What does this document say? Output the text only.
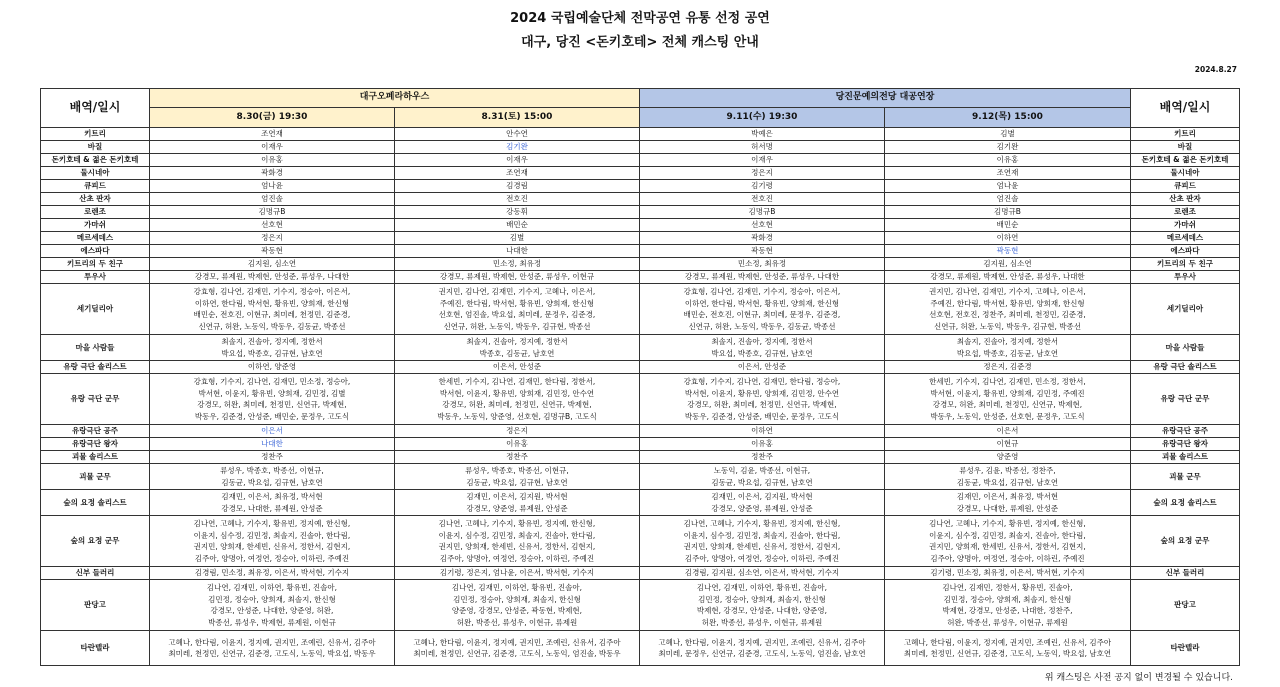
2024 국립예술단체 전막공연 유통 선정 공연
대구, 당진 <돈키호테> 전체 캐스팅 안내
2024.8.27
배역/일시	대구오페라하우스		당진문예의전당 대공연장		배역/일시
	8.30(금) 19:30	8.31(토) 15:00	9.11(수) 19:30	9.12(목) 15:00	
키트리	조연재	안수연	박예은	김별	키트리
바질	이재우	김기완	허서명	김기완	바질
돈키호테 & 젊은 돈키호테	이유홍	이재우	이재우	이유홍	돈키호테 & 젊은 돈키호테
둘시네아	곽화경	조연재	정은지	조연재	둘시네아
큐피드	엄나윤	김경림	김기령	엄나윤	큐피드
산초 판자	엄진솔	전호진	전호진	엄진솔	산초 판자
로렌조	김명규B	강동휘	김명규B	김명규B	로렌조
가마쉬	선호현	배민순	선호현	배민순	가마쉬
메르세데스	정은지	김별	곽화경	이하연	메르세데스
에스파다	곽동현	나대한	곽동현	곽동현	에스파다
키트리의 두 친구	김지원, 심소연	민소정, 최유정	민소정, 최유정	김지원, 심소연	키트리의 두 친구
투우사	강경모, 류제원, 박제현, 안성준, 류성우, 나대한	강경모, 류제원, 박제현, 안성준, 류성우, 이현규	강경모, 류제원, 박제현, 안성준, 류성우, 나대한	강경모, 류제원, 박제현, 안성준, 류성우, 나대한	투우사
세기딜리아	강효형, 김나연, 김재민, 기수지, 정승아, 이은서,
이하연, 한다림, 박서현, 황유빈, 양희재, 한신형
배민순, 전호진, 이현규, 최미레, 천정민, 김준경,
신연규, 허완, 노동익, 박동우, 김동균, 박종선	권지민, 김나연, 김재민, 기수지, 고혜나, 이은서,
주예진, 한다림, 박서현, 황유빈, 양희재, 한신형
선호현, 엄진솔, 박요섭, 최미레, 문정우, 김준경,
신연규, 허완, 노동익, 박동우, 김규현, 박종선	강효형, 김나연, 김재민, 기수지, 정승아, 이은서,
이하연, 한다림, 박서현, 황유빈, 양희재, 한신형
배민순, 전호진, 이현규, 최미레, 문정우, 김준경,
신연규, 허완, 노동익, 박동우, 김동균, 박종선	권지민, 김나연, 김재민, 기수지, 고혜나, 이은서,
주예진, 한다림, 박서현, 황유빈, 양희재, 한신형
선호현, 전호진, 정찬주, 최미레, 천정민, 김준경,
신연규, 허완, 노동익, 박동우, 김규현, 박종선	세기딜리아
마을 사람들	최솔지, 진솔아, 정지예, 정한서
박요섭, 박종호, 김규현, 남호연	최솔지, 진솔아, 정지예, 정한서
박종호, 김동균, 남호연	최솔지, 진솔아, 정지예, 정한서
박요섭, 박종호, 김규현, 남호연	최솔지, 진솔아, 정지예, 정한서
박요섭, 박종호, 김동균, 남호연	마을 사람들
유랑 극단 솔리스트	이하연, 양준영	이은서, 안성준	이은서, 안성준	정은지, 김준경	유랑 극단 솔리스트
유랑 극단 군무	강효형, 기수지, 김나연, 김재민, 민소정, 정승아,
박서현, 이윤지, 황유빈, 양희재, 김민정, 김별
강경모, 허완, 최미레, 천정민, 신연규, 박제현,
박동우, 김준경, 안성준, 배민순, 문정우, 고도식	한세빈, 기수지, 김나연, 김재민, 한다림, 정한서,
박서현, 이윤지, 황유빈, 양희재, 김민정, 안수연
강경모, 허완, 최미레, 천정민, 신연규, 박제현,
박동우, 노동익, 양준영, 선호현, 김명규B, 고도식	강효형, 기수지, 김나연, 김재민, 한다림, 정승아,
박서현, 이윤지, 황유빈, 양희재, 김민정, 안수연
강경모, 허완, 최미레, 천정민, 신연규, 박제현,
박동우, 김준경, 안성준, 배민순, 문정우, 고도식	한세빈, 기수지, 김나연, 김재민, 민소정, 정한서,
박서현, 이윤지, 황유빈, 양희재, 김민정, 주예진
강경모, 허완, 최미레, 천정민, 신연규, 박제현,
박동우, 노동익, 안성준, 선호현, 문정우, 고도식	유랑 극단 군무
유랑극단 공주	이은서	정은지	이하연	이은서	유랑극단 공주
유랑극단 왕자	나대한	이유홍	이유홍	이현규	유랑극단 왕자
괴물 솔리스트	정찬주	정찬주	정찬주	양준영	괴물 솔리스트
괴물 군무	류성우, 박종호, 박종선, 이현규,
김동균, 박요섭, 김규현, 남호연	류성우, 박종호, 박종선, 이현규,
김동균, 박요섭, 김규현, 남호연	노동익, 김윤, 박종선, 이현규,
김동균, 박요섭, 김규현, 남호연	류성우, 김윤, 박종선, 정찬주,
김동균, 박요섭, 김규현, 남호연	괴물 군무
숲의 요정 솔리스트	김재민, 이은서, 최유정, 박서현
강경모, 나대한, 류제원, 안성준	김재민, 이은서, 김지원, 박서현
강경모, 양준영, 류제원, 안성준	김재민, 이은서, 김지원, 박서현
강경모, 양준영, 류제원, 안성준	김재민, 이은서, 최유정, 박서현
강경모, 나대한, 류제원, 안성준	숲의 요정 솔리스트
숲의 요정 군무	김나연, 고혜나, 기수지, 황유빈, 정지예, 한신형,
이윤지, 심수정, 김민정, 최솔지, 진솔아, 한다림,
권지민, 양희재, 한세빈, 신유서, 정한서, 김현지,
김주아, 양명아, 여정연, 정승아, 이하린, 주예진	김나연, 고혜나, 기수지, 황유빈, 정지예, 한신형,
이윤지, 심수정, 김민정, 최솔지, 진솔아, 한다림,
권지민, 양희재, 한세빈, 신유서, 정한서, 김현지,
김주아, 양명아, 여정연, 정승아, 이하린, 주예진	김나연, 고혜나, 기수지, 황유빈, 정지예, 한신형,
이윤지, 심수정, 김민정, 최솔지, 진솔아, 한다림,
권지민, 양희재, 한세빈, 신유서, 정한서, 김현지,
김주아, 양명아, 여정연, 정승아, 이하린, 주예진	김나연, 고혜나, 기수지, 황유빈, 정지예, 한신형,
이윤지, 심수정, 김민정, 최솔지, 진솔아, 한다림,
권지민, 양희재, 한세빈, 신유서, 정한서, 김현지,
김주아, 양명아, 여정연, 정승아, 이하린, 주예진	숲의 요정 군무
신부 들러리	김경림, 민소정, 최유정, 이은서, 박서현, 기수지	김기령, 정은지, 엄나윤, 이은서, 박서현, 기수지	김경림, 김지원, 심소연, 이은서, 박서현, 기수지	김기령, 민소정, 최유정, 이은서, 박서현, 기수지	신부 들러리
판당고	김나연, 김재민, 이하연, 황유빈, 진솔아,
김민정, 정승아, 양희재, 최솔지, 한신형
강경모, 안성준, 나대한, 양준영, 허완,
박종선, 류성우, 박제현, 류제원, 이현규	김나연, 김재민, 이하연, 황유빈, 진솔아,
김민정, 정승아, 양희재, 최솔지, 한신형
양준영, 강경모, 안성준, 곽동현, 박제현,
허완, 박종선, 류성우, 이현규, 류제원	김나연, 김재민, 이하연, 황유빈, 진솔아,
김민정, 정승아, 양희재, 최솔지, 한신형
박제현, 강경모, 안성준, 나대한, 양준영,
허완, 박종선, 류성우, 이현규, 류제원	김나연, 김재민, 정한서, 황유빈, 진솔아,
김민정, 정승아, 양희재, 최솔지, 한신형
박제현, 강경모, 안성준, 나대한, 정찬주,
허완, 박종선, 류성우, 이현규, 류제원	판당고
타란텔라	고혜나, 한다림, 이윤지, 정지예, 권지민, 조예린, 신유서, 김주아
최미레, 천정민, 신연규, 김준경, 고도식, 노동익, 박요섭, 박동우	고혜나, 한다림, 이윤지, 정지예, 권지민, 조예린, 신유서, 김주아
최미레, 천정민, 신연규, 김준경, 고도식, 노동익, 엄진솔, 박동우	고혜나, 한다림, 이윤지, 정지예, 권지민, 조예린, 신유서, 김주아
최미레, 문정우, 신연규, 김준경, 고도식, 노동익, 엄진솔, 남호연	고혜나, 한다림, 이윤지, 정지예, 권지민, 조예린, 신유서, 김주아
최미레, 천정민, 신연규, 김준경, 고도식, 노동익, 박요섭, 남호연	타란텔라
위 캐스팅은 사전 공지 없이 변경될 수 있습니다.
